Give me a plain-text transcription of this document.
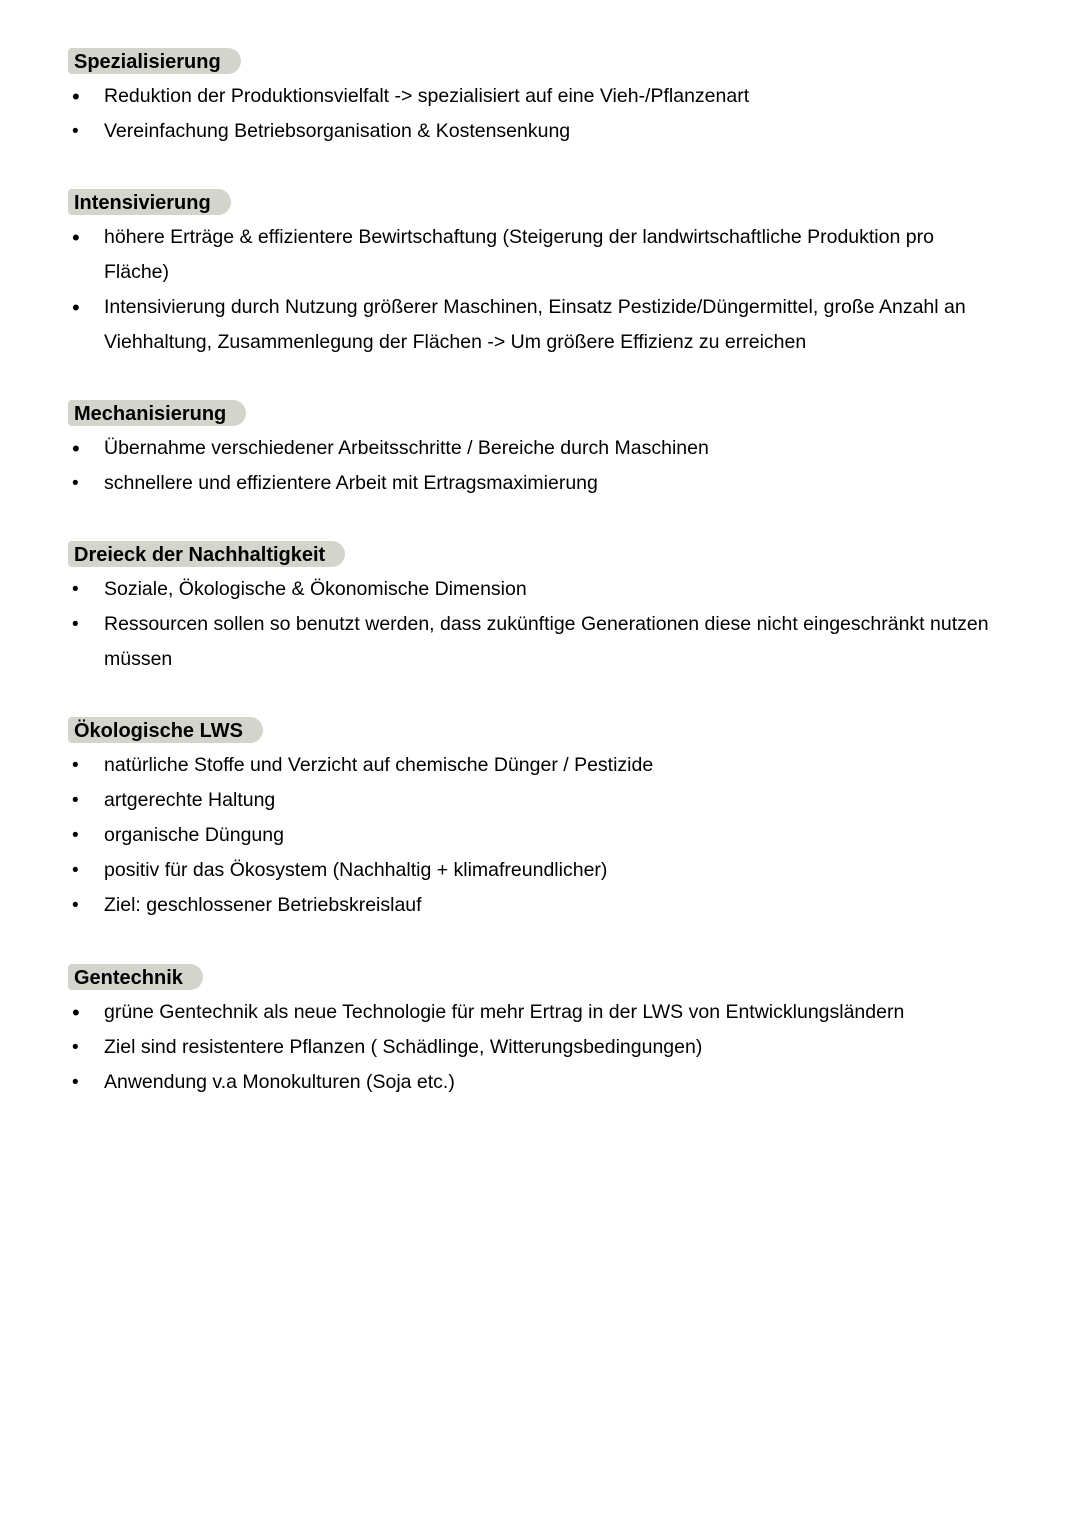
Spezialisierung
• Reduktion der Produktionsvielfalt -> spezialisiert auf eine Vieh-/Pflanzenart
• Vereinfachung Betriebsorganisation & Kostensenkung
Intensivierung
• höhere Erträge & effizientere Bewirtschaftung (Steigerung der landwirtschaftliche Produktion pro Fläche)
• Intensivierung durch Nutzung größerer Maschinen, Einsatz Pestizide/Düngermittel, große Anzahl an Viehhaltung, Zusammenlegung der Flächen -> Um größere Effizienz zu erreichen
Mechanisierung
• Übernahme verschiedener Arbeitsschritte / Bereiche durch Maschinen
• schnellere und effizientere Arbeit mit Ertragsmaximierung
Dreieck der Nachhaltigkeit
• Soziale, Ökologische & Ökonomische Dimension
• Ressourcen sollen so benutzt werden, dass zukünftige Generationen diese nicht eingeschränkt nutzen müssen
Ökologische LWS
• natürliche Stoffe und Verzicht auf chemische Dünger / Pestizide
• artgerechte Haltung
• organische Düngung
• positiv für das Ökosystem (Nachhaltig + klimafreundlicher)
• Ziel: geschlossener Betriebskreislauf
Gentechnik
• grüne Gentechnik als neue Technologie für mehr Ertrag in der LWS von Entwicklungsländern
• Ziel sind resistentere Pflanzen ( Schädlinge, Witterungsbedingungen)
• Anwendung v.a Monokulturen (Soja etc.)
